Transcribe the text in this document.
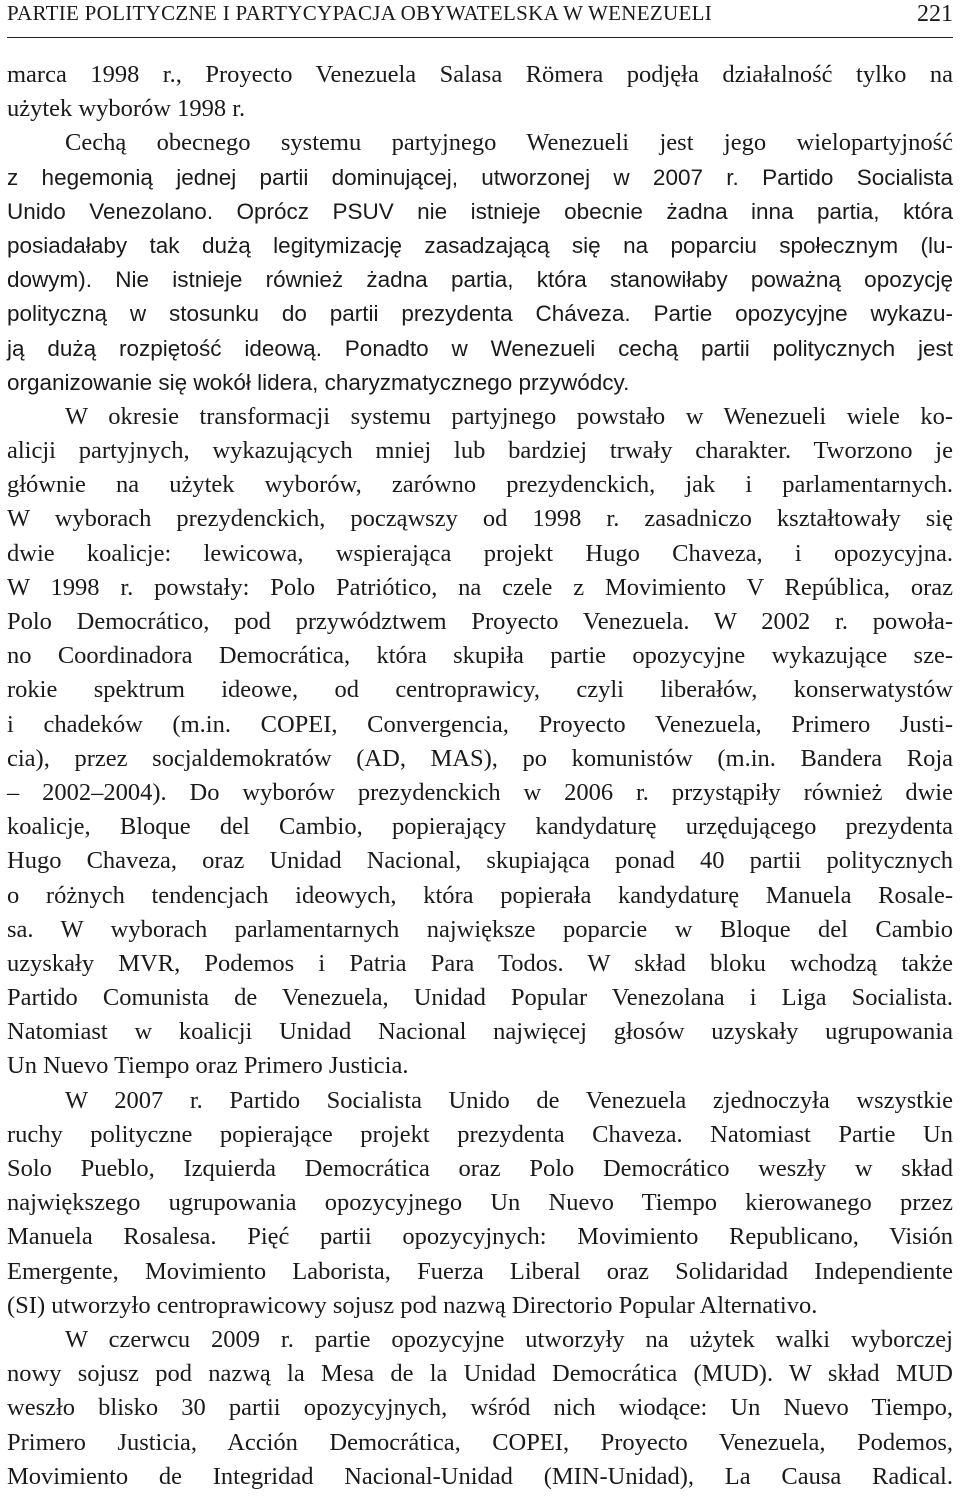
PARTIE POLITYCZNE I PARTYCYPACJA OBYWATELSKA W WENEZUELI	221
marca 1998 r., Proyecto Venezuela Salasa Römera podjęła działalność tylko na
użytek wyborów 1998 r.
Cechą obecnego systemu partyjnego Wenezueli jest jego wielopartyjność
z hegemonią jednej partii dominującej, utworzonej w 2007 r. Partido Socialista
Unido Venezolano. Oprócz PSUV nie istnieje obecnie żadna inna partia, która
posiadałaby tak dużą legitymizację zasadzającą się na poparciu społecznym (lu-
dowym). Nie istnieje również żadna partia, która stanowiłaby poważną opozycję
polityczną w stosunku do partii prezydenta Cháveza. Partie opozycyjne wykazu-
ją dużą rozpiętość ideową. Ponadto w Wenezueli cechą partii politycznych jest
organizowanie się wokół lidera, charyzmatycznego przywódcy.
W okresie transformacji systemu partyjnego powstało w Wenezueli wiele ko-
alicji partyjnych, wykazujących mniej lub bardziej trwały charakter. Tworzono je
głównie na użytek wyborów, zarówno prezydenckich, jak i parlamentarnych.
W wyborach prezydenckich, począwszy od 1998 r. zasadniczo kształtowały się
dwie koalicje: lewicowa, wspierająca projekt Hugo Chaveza, i opozycyjna.
W 1998 r. powstały: Polo Patriótico, na czele z Movimiento V República, oraz
Polo Democrático, pod przywództwem Proyecto Venezuela. W 2002 r. powoła-
no Coordinadora Democrática, która skupiła partie opozycyjne wykazujące sze-
rokie spektrum ideowe, od centroprawicy, czyli liberałów, konserwatystów
i chadeków (m.in. COPEI, Convergencia, Proyecto Venezuela, Primero Justi-
cia), przez socjaldemokratów (AD, MAS), po komunistów (m.in. Bandera Roja
– 2002–2004). Do wyborów prezydenckich w 2006 r. przystąpiły również dwie
koalicje, Bloque del Cambio, popierający kandydaturę urzędującego prezydenta
Hugo Chaveza, oraz Unidad Nacional, skupiająca ponad 40 partii politycznych
o różnych tendencjach ideowych, która popierała kandydaturę Manuela Rosale-
sa. W wyborach parlamentarnych największe poparcie w Bloque del Cambio
uzyskały MVR, Podemos i Patria Para Todos. W skład bloku wchodzą także
Partido Comunista de Venezuela, Unidad Popular Venezolana i Liga Socialista.
Natomiast w koalicji Unidad Nacional najwięcej głosów uzyskały ugrupowania
Un Nuevo Tiempo oraz Primero Justicia.
W 2007 r. Partido Socialista Unido de Venezuela zjednoczyła wszystkie
ruchy polityczne popierające projekt prezydenta Chaveza. Natomiast Partie Un
Solo Pueblo, Izquierda Democrática oraz Polo Democrático weszły w skład
największego ugrupowania opozycyjnego Un Nuevo Tiempo kierowanego przez
Manuela Rosalesa. Pięć partii opozycyjnych: Movimiento Republicano, Visión
Emergente, Movimiento Laborista, Fuerza Liberal oraz Solidaridad Independiente
(SI) utworzyło centroprawicowy sojusz pod nazwą Directorio Popular Alternativo.
W czerwcu 2009 r. partie opozycyjne utworzyły na użytek walki wyborczej
nowy sojusz pod nazwą la Mesa de la Unidad Democrática (MUD). W skład MUD
weszło blisko 30 partii opozycyjnych, wśród nich wiodące: Un Nuevo Tiempo,
Primero Justicia, Acción Democrática, COPEI, Proyecto Venezuela, Podemos,
Movimiento de Integridad Nacional-Unidad (MIN-Unidad), La Causa Radical.
